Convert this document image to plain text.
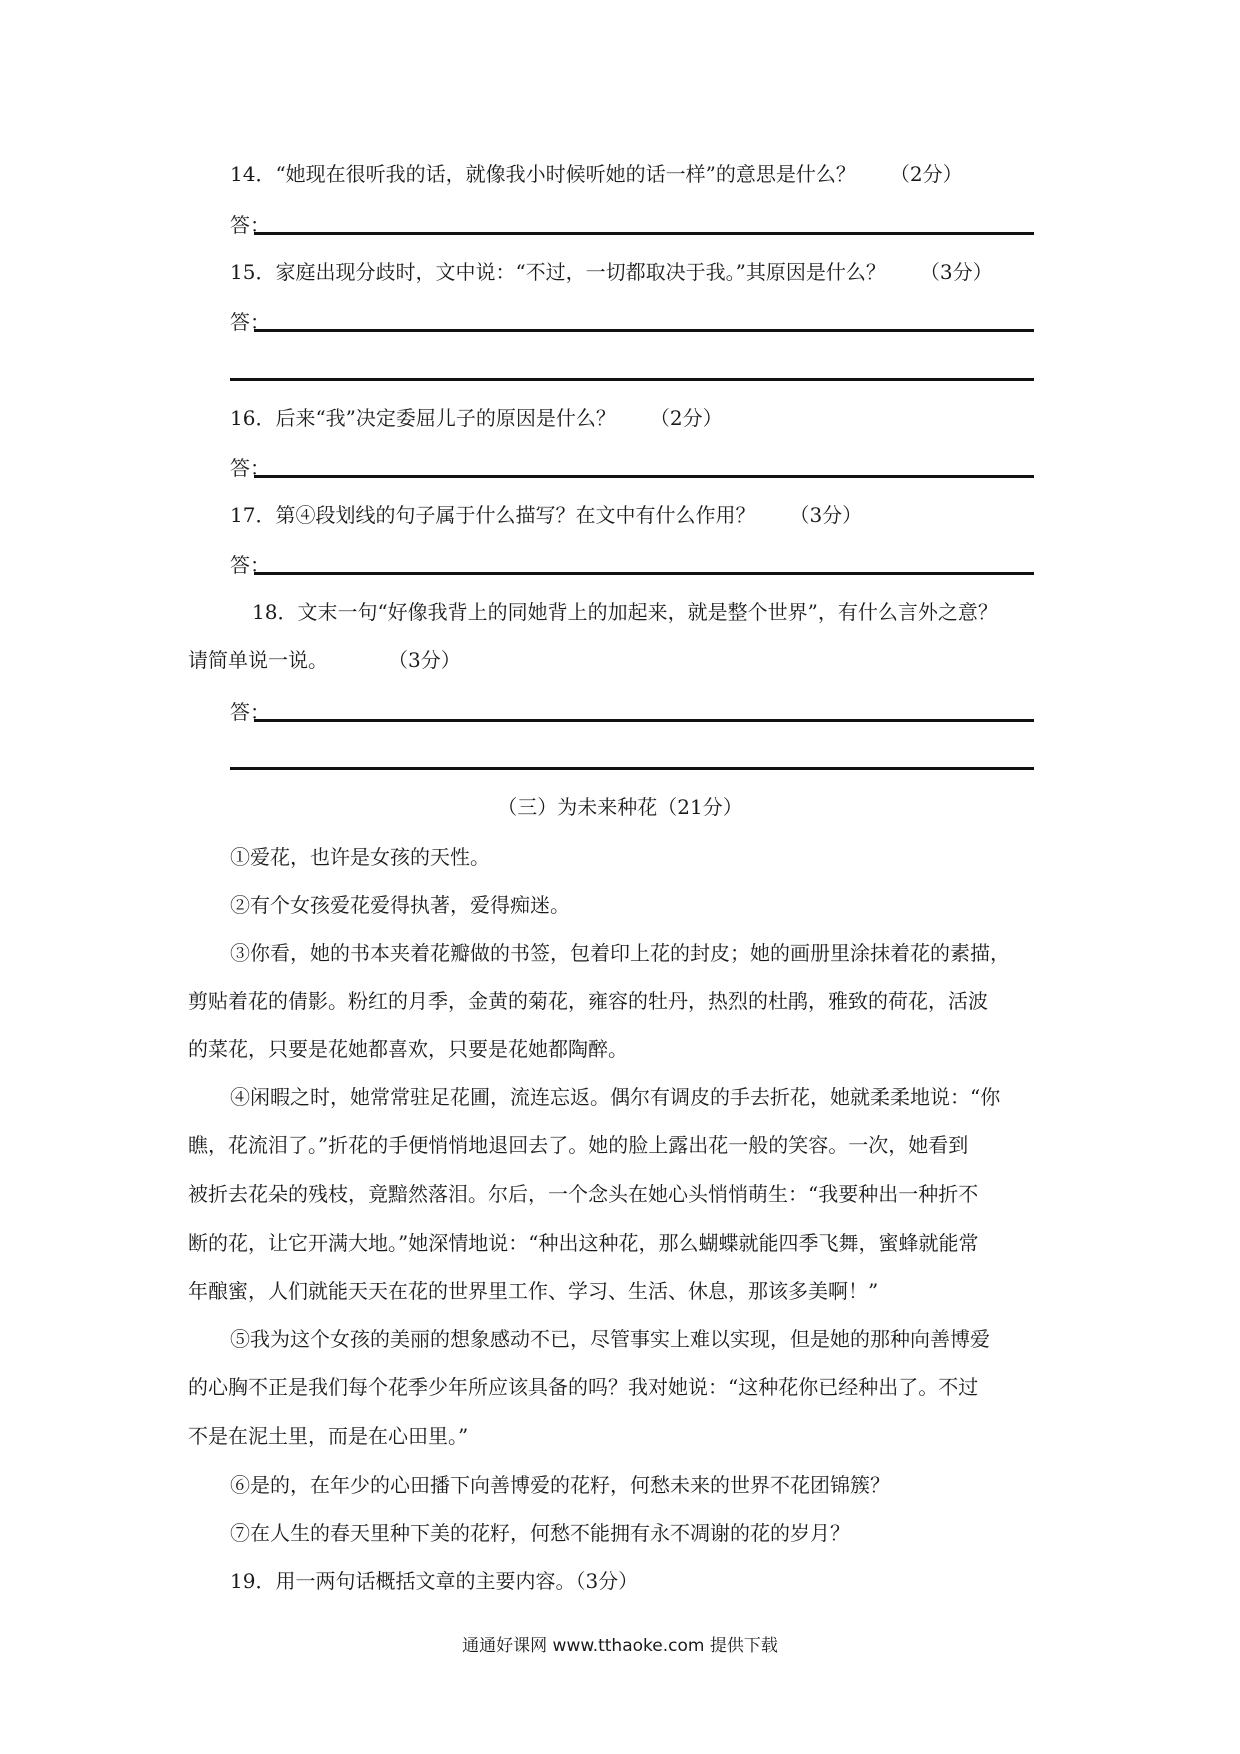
14．“她现在很听我的话，就像我小时候听她的话一样”的意思是什么？ （2分）
答：
15．家庭出现分歧时，文中说：“不过，一切都取决于我。”其原因是什么？ （3分）
答：
16．后来“我”决定委屈儿子的原因是什么？ （2分）
答：
17．第④段划线的句子属于什么描写？在文中有什么作用？ （3分）
答：
18．文末一句“好像我背上的同她背上的加起来，就是整个世界”，有什么言外之意？
请简单说一说。	（3分）
答：
（三）为未来种花（21分）
①爱花，也许是女孩的天性。
②有个女孩爱花爱得执著，爱得痴迷。
③你看，她的书本夹着花瓣做的书签，包着印上花的封皮；她的画册里涂抹着花的素描，
剪贴着花的倩影。粉红的月季，金黄的菊花，雍容的牡丹，热烈的杜鹃，雅致的荷花，活波
的菜花，只要是花她都喜欢，只要是花她都陶醉。
④闲暇之时，她常常驻足花圃，流连忘返。偶尔有调皮的手去折花，她就柔柔地说：“你
瞧，花流泪了。”折花的手便悄悄地退回去了。她的脸上露出花一般的笑容。一次，她看到
被折去花朵的残枝，竟黯然落泪。尔后，一个念头在她心头悄悄萌生：“我要种出一种折不
断的花，让它开满大地。”她深情地说：“种出这种花，那么蝴蝶就能四季飞舞，蜜蜂就能常
年酿蜜，人们就能天天在花的世界里工作、学习、生活、休息，那该多美啊！”
⑤我为这个女孩的美丽的想象感动不已，尽管事实上难以实现，但是她的那种向善博爱
的心胸不正是我们每个花季少年所应该具备的吗？我对她说：“这种花你已经种出了。不过
不是在泥土里，而是在心田里。”
⑥是的，在年少的心田播下向善博爱的花籽，何愁未来的世界不花团锦簇？
⑦在人生的春天里种下美的花籽，何愁不能拥有永不凋谢的花的岁月？
19．用一两句话概括文章的主要内容。（3分）
通通好课网 www.tthaoke.com 提供下载
